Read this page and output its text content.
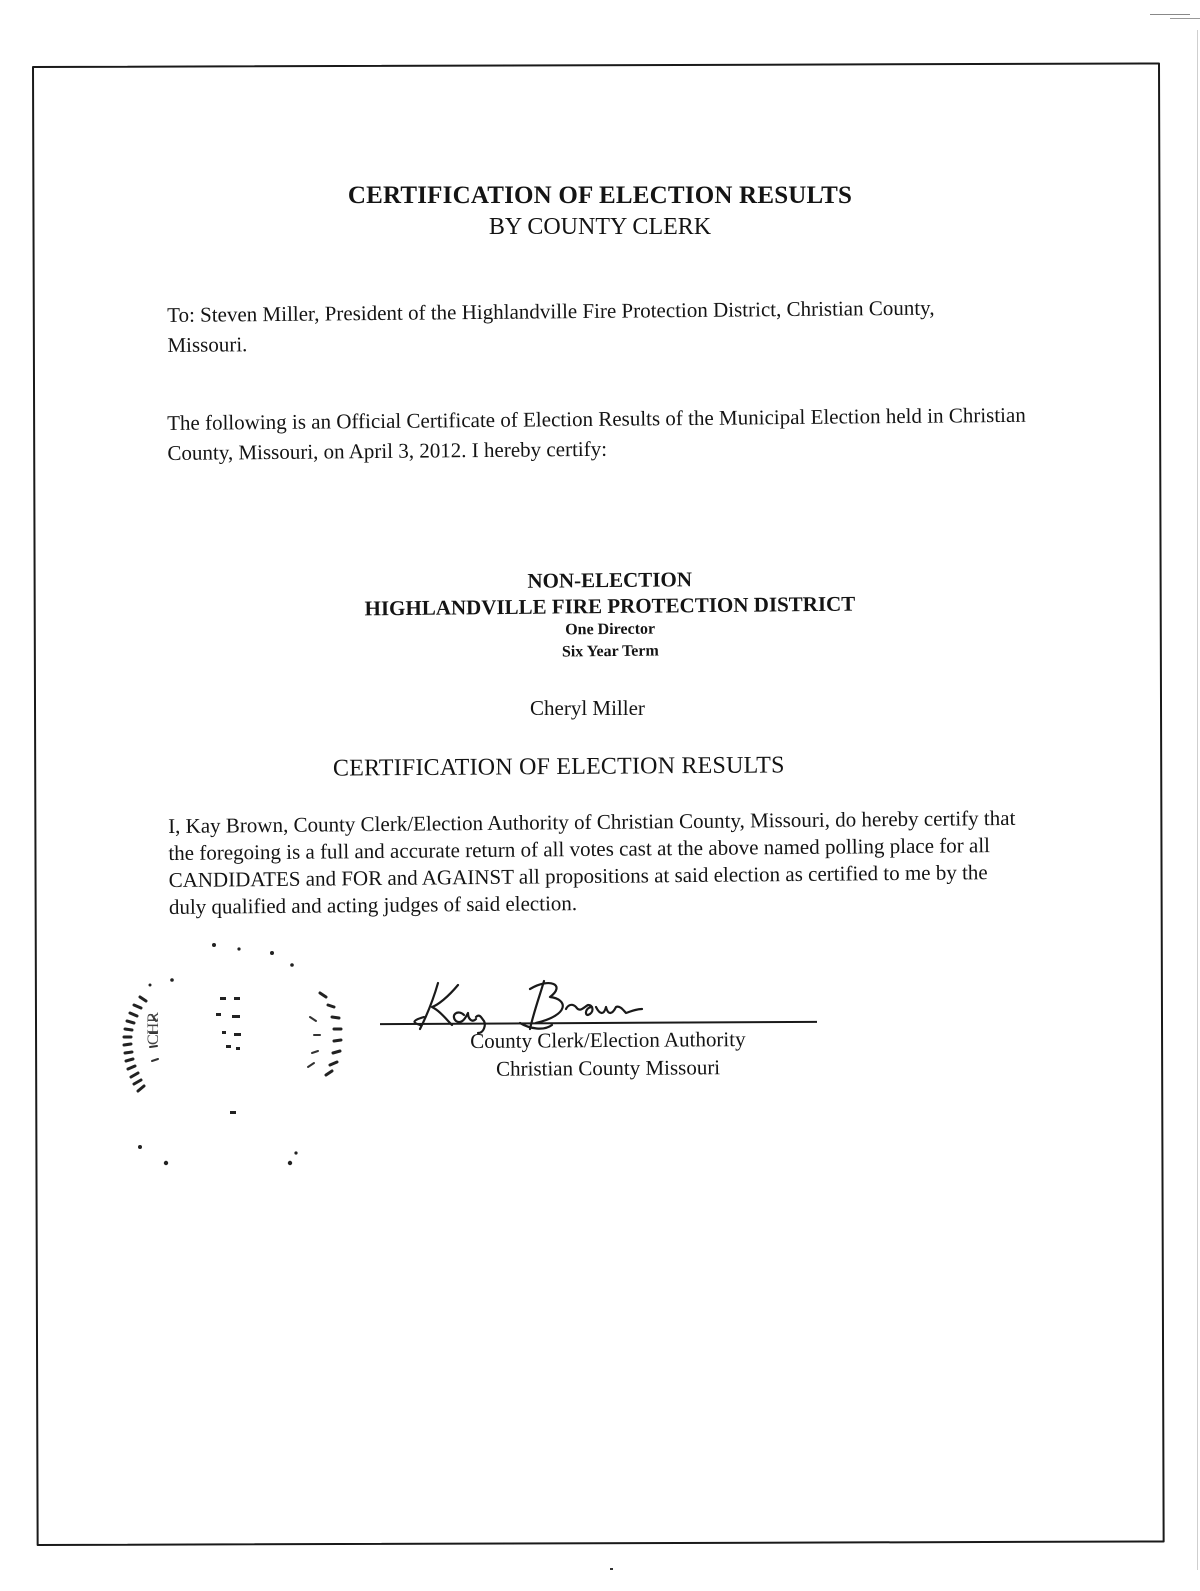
CERTIFICATION OF ELECTION RESULTS

BY COUNTY CLERK

To: Steven Miller, President of the Highlandville Fire Protection District, Christian County, Missouri.

The following is an Official Certificate of Election Results of the Municipal Election held in Christian County, Missouri, on April 3, 2012. I hereby certify:

NON-ELECTION

HIGHLANDVILLE FIRE PROTECTION DISTRICT

One Director

Six Year Term

Cheryl Miller

CERTIFICATION OF ELECTION RESULTS

I, Kay Brown, County Clerk/Election Authority of Christian County, Missouri, do hereby certify that the foregoing is a full and accurate return of all votes cast at the above named polling place for all CANDIDATES and FOR and AGAINST all propositions at said election as certified to me by the duly qualified and acting judges of said election.

CHR	County Clerk/Election Authority

Christian County Missouri
